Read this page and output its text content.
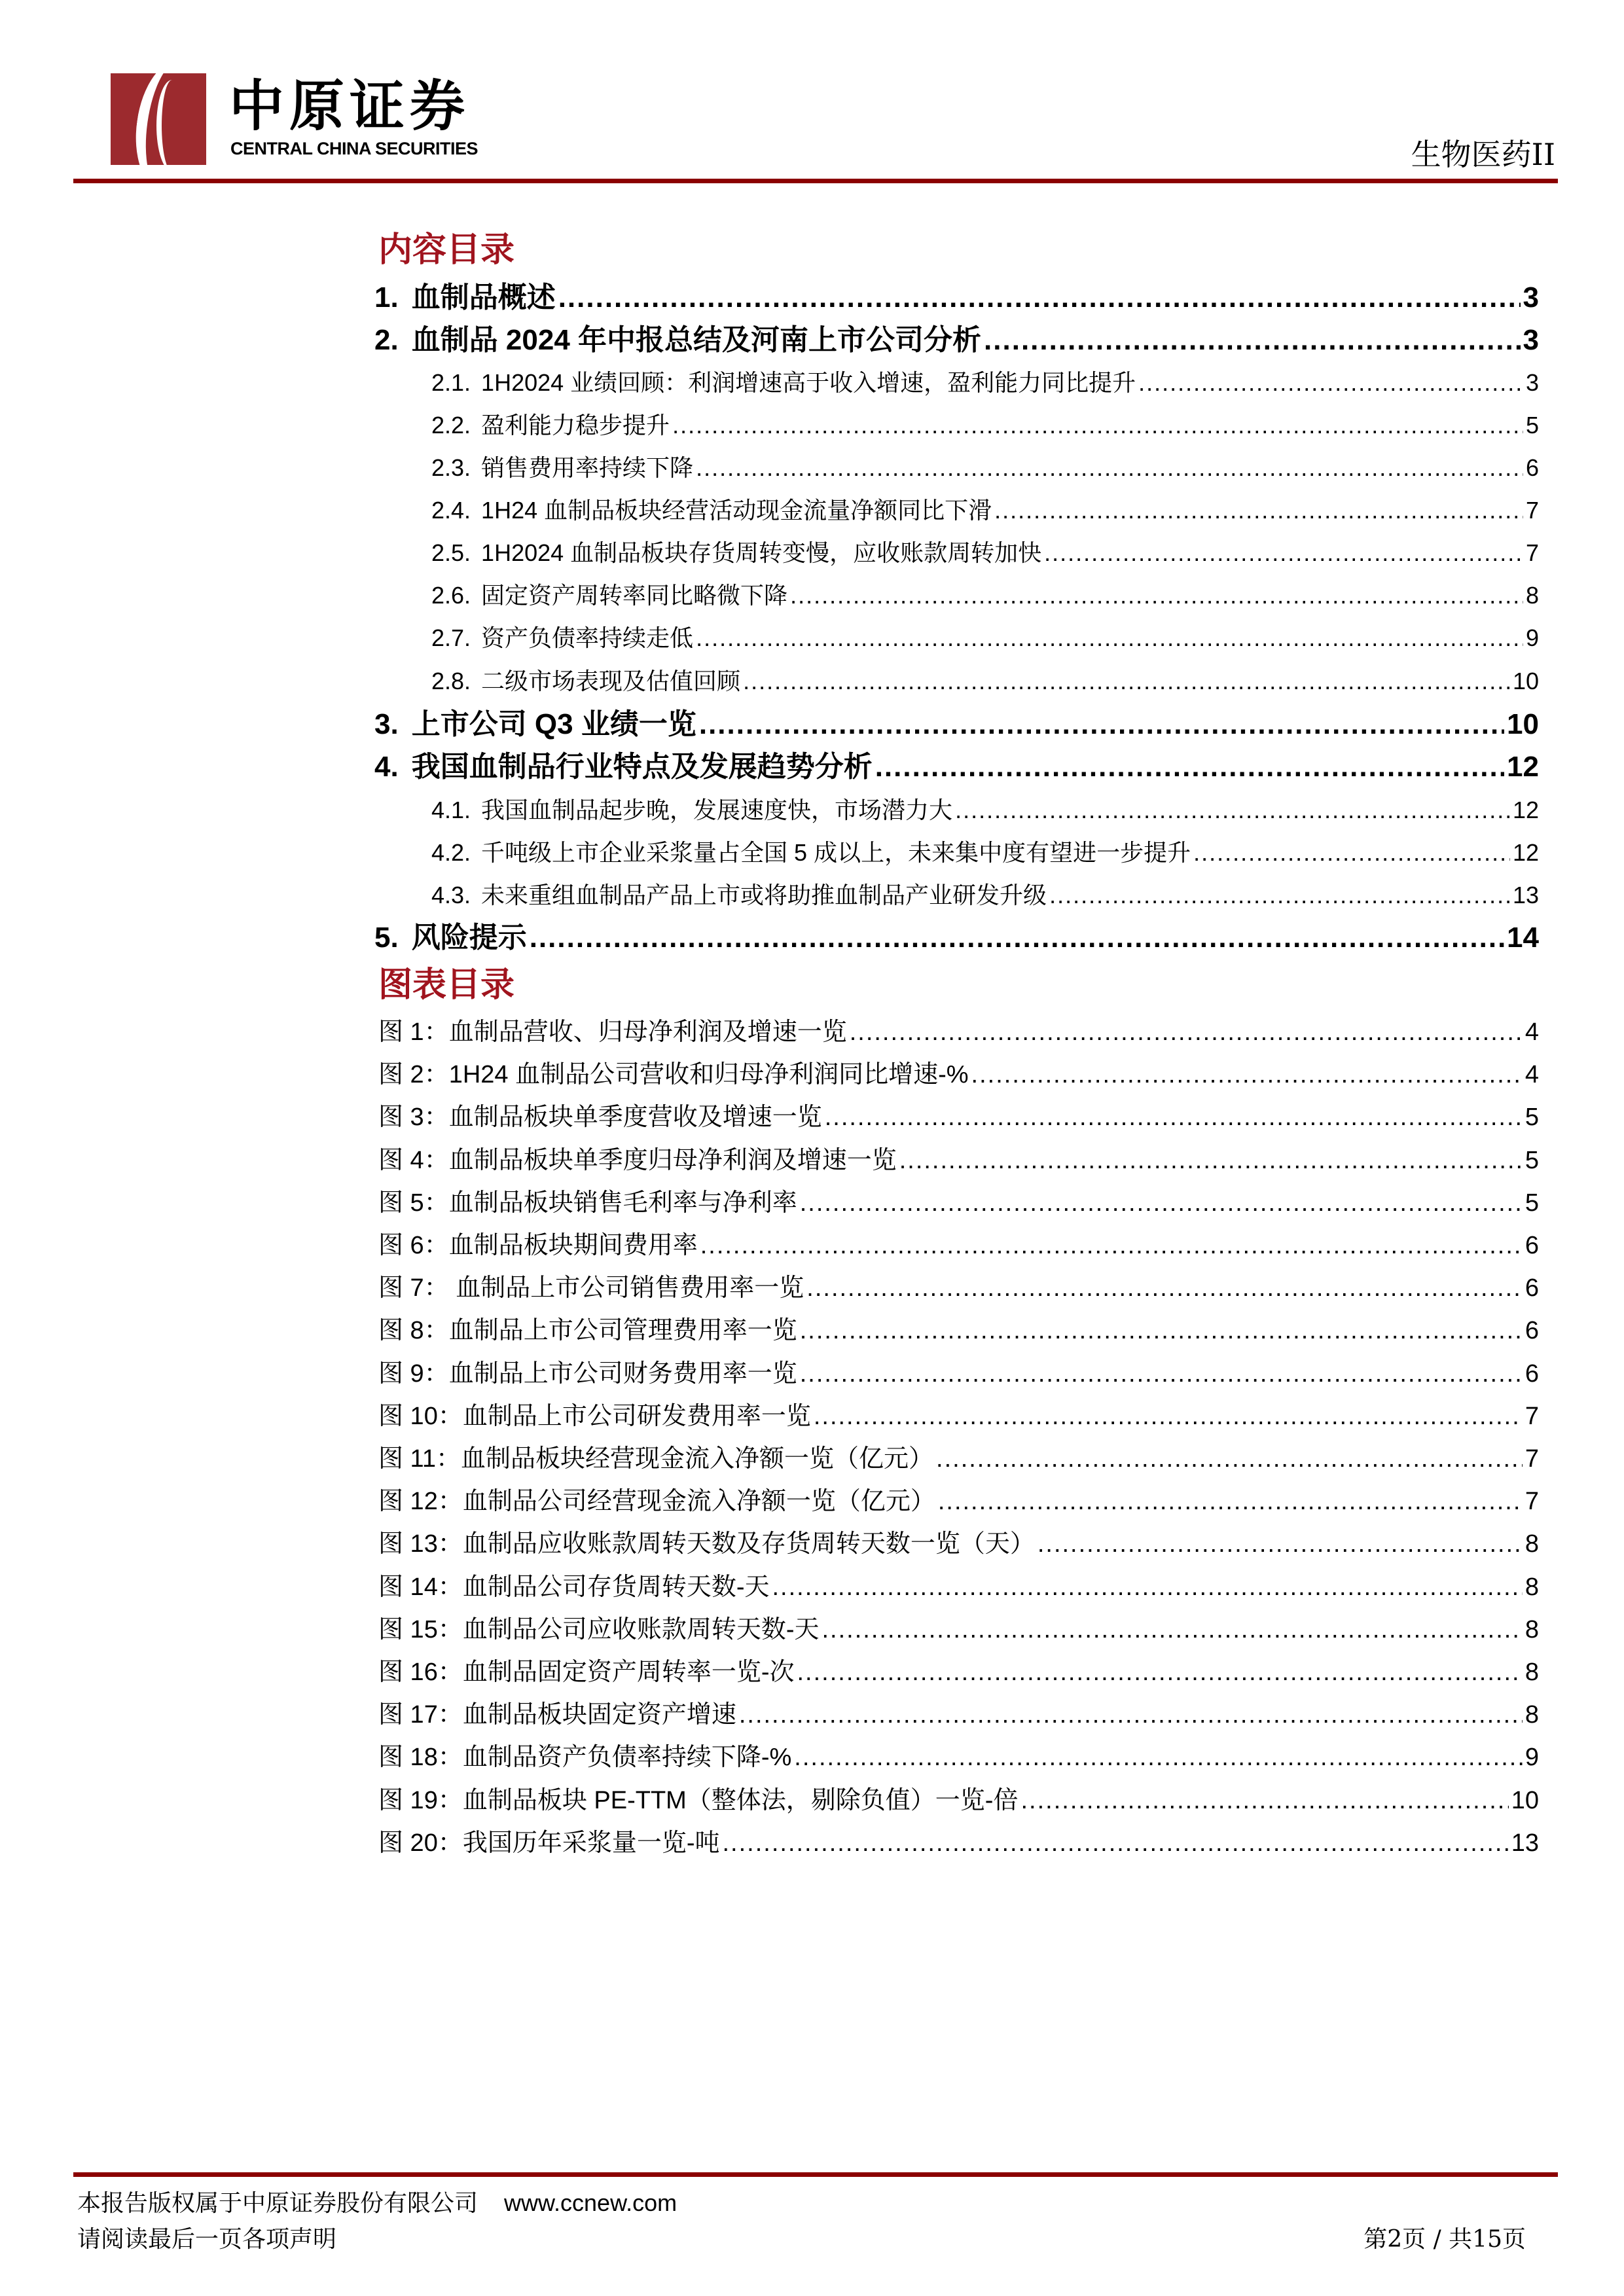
中原证券
CENTRAL CHINA SECURITIES	生物医药II
内容目录
1. 血制品概述 .....	3
2. 血制品 2024 年中报总结及河南上市公司分析 .....	3
2.1. 1H2024 业绩回顾：利润增速高于收入增速，盈利能力同比提升 .....	3
2.2. 盈利能力稳步提升 .....	5
2.3. 销售费用率持续下降 .....	6
2.4. 1H24 血制品板块经营活动现金流量净额同比下滑 .....	7
2.5. 1H2024 血制品板块存货周转变慢，应收账款周转加快 .....	7
2.6. 固定资产周转率同比略微下降 .....	8
2.7. 资产负债率持续走低 .....	9
2.8. 二级市场表现及估值回顾 .....	10
3. 上市公司 Q3 业绩一览 .....	10
4. 我国血制品行业特点及发展趋势分析 .....	12
4.1. 我国血制品起步晚，发展速度快，市场潜力大 .....	12
4.2. 千吨级上市企业采浆量占全国 5 成以上，未来集中度有望进一步提升 .....	12
4.3. 未来重组血制品产品上市或将助推血制品产业研发升级 .....	13
5. 风险提示 .....	14
图表目录
图 1：血制品营收、归母净利润及增速一览 .....	4
图 2：1H24 血制品公司营收和归母净利润同比增速-% .....	4
图 3：血制品板块单季度营收及增速一览 .....	5
图 4：血制品板块单季度归母净利润及增速一览 .....	5
图 5：血制品板块销售毛利率与净利率 .....	5
图 6：血制品板块期间费用率 .....	6
图 7： 血制品上市公司销售费用率一览 .....	6
图 8：血制品上市公司管理费用率一览 .....	6
图 9：血制品上市公司财务费用率一览 .....	6
图 10：血制品上市公司研发费用率一览 .....	7
图 11：血制品板块经营现金流入净额一览（亿元） .....	7
图 12：血制品公司经营现金流入净额一览（亿元） .....	7
图 13：血制品应收账款周转天数及存货周转天数一览（天） .....	8
图 14：血制品公司存货周转天数-天 .....	8
图 15：血制品公司应收账款周转天数-天 .....	8
图 16：血制品固定资产周转率一览-次 .....	8
图 17：血制品板块固定资产增速 .....	8
图 18：血制品资产负债率持续下降-% .....	9
图 19：血制品板块 PE-TTM（整体法，剔除负值）一览-倍 .....	10
图 20：我国历年采浆量一览-吨 .....	13
本报告版权属于中原证券股份有限公司 www.ccnew.com
请阅读最后一页各项声明	第2页 / 共15页
